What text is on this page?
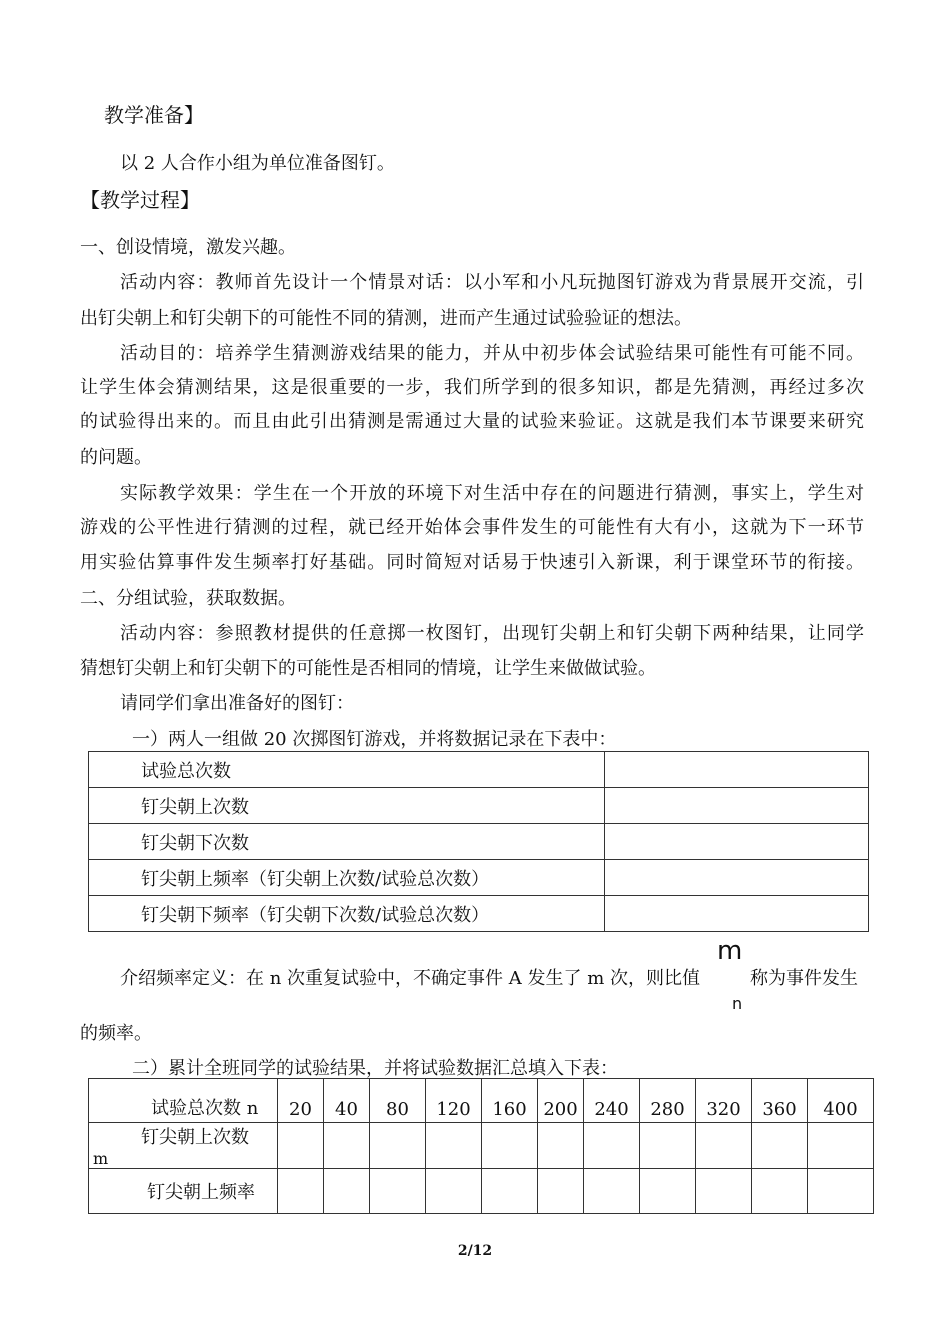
教学准备】
以 2 人合作小组为单位准备图钉。
【教学过程】
一、创设情境，激发兴趣。
活动内容：教师首先设计一个情景对话：以小军和小凡玩抛图钉游戏为背景展开交流，引
出钉尖朝上和钉尖朝下的可能性不同的猜测，进而产生通过试验验证的想法。
活动目的：培养学生猜测游戏结果的能力，并从中初步体会试验结果可能性有可能不同。
让学生体会猜测结果，这是很重要的一步，我们所学到的很多知识，都是先猜测，再经过多次
的试验得出来的。而且由此引出猜测是需通过大量的试验来验证。这就是我们本节课要来研究
的问题。
实际教学效果：学生在一个开放的环境下对生活中存在的问题进行猜测，事实上，学生对
游戏的公平性进行猜测的过程，就已经开始体会事件发生的可能性有大有小，这就为下一环节
用实验估算事件发生频率打好基础。同时简短对话易于快速引入新课，利于课堂环节的衔接。
二、分组试验，获取数据。
活动内容：参照教材提供的任意掷一枚图钉，出现钉尖朝上和钉尖朝下两种结果，让同学
猜想钉尖朝上和钉尖朝下的可能性是否相同的情境，让学生来做做试验。
请同学们拿出准备好的图钉：
一）两人一组做 20 次掷图钉游戏，并将数据记录在下表中：
试验总次数	
钉尖朝上次数	
钉尖朝下次数	
钉尖朝上频率（钉尖朝上次数/试验总次数）	
钉尖朝下频率（钉尖朝下次数/试验总次数）	
介绍频率定义：在 n 次重复试验中，不确定事件 A 发生了 m 次，则比值
m
n
称为事件发生
的频率。
二）累计全班同学的试验结果，并将试验数据汇总填入下表：
试验总次数 n	20	40	80	120	160	200	240	280	320	360	400

钉尖朝上次数
m											

钉尖朝上频率											
2/12
